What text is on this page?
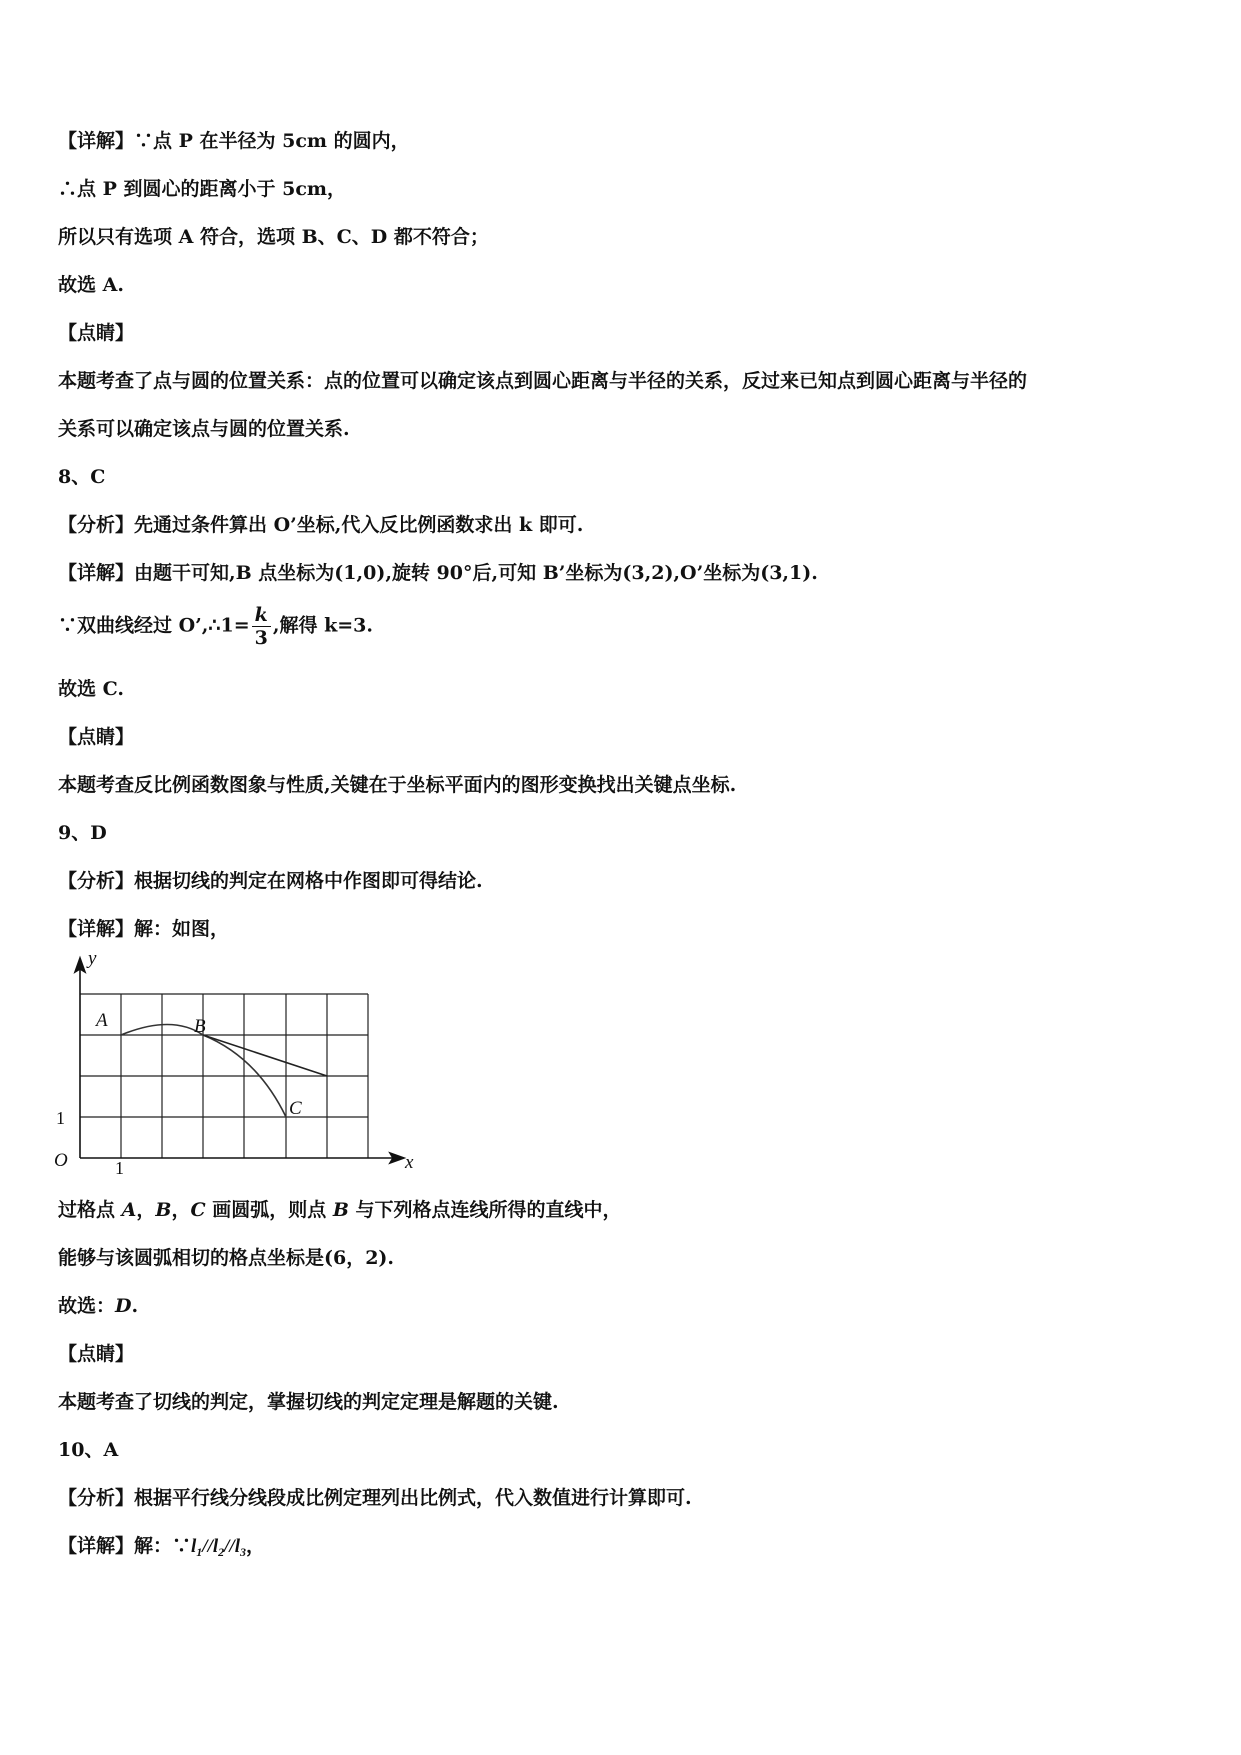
【详解】∵点 P 在半径为 5cm 的圆内，
∴点 P 到圆心的距离小于 5cm，
所以只有选项 A 符合，选项 B、C、D 都不符合；
故选 A.
【点睛】
本题考查了点与圆的位置关系：点的位置可以确定该点到圆心距离与半径的关系，反过来已知点到圆心距离与半径的
关系可以确定该点与圆的位置关系.
8、C
【分析】先通过条件算出 O’坐标,代入反比例函数求出 k 即可.
【详解】由题干可知,B 点坐标为(1,0),旋转 90°后,可知 B’坐标为(3,2),O’坐标为(3,1).
∵双曲线经过 O’,∴1= $\frac{k}{3}$ ,解得 k=3.
故选 C.
【点睛】
本题考查反比例函数图象与性质,关键在于坐标平面内的图形变换找出关键点坐标.
9、D
【分析】根据切线的判定在网格中作图即可得结论.
【详解】解：如图，
y
x
O
A	B
C
1
1
过格点 A，B，C 画圆弧，则点 B 与下列格点连线所得的直线中，
能够与该圆弧相切的格点坐标是(6，2).
故选：D.
【点睛】
本题考查了切线的判定，掌握切线的判定定理是解题的关键.
10、A
【分析】根据平行线分线段成比例定理列出比例式，代入数值进行计算即可.
【详解】解：$\because l_1//l_2//l_3$，
